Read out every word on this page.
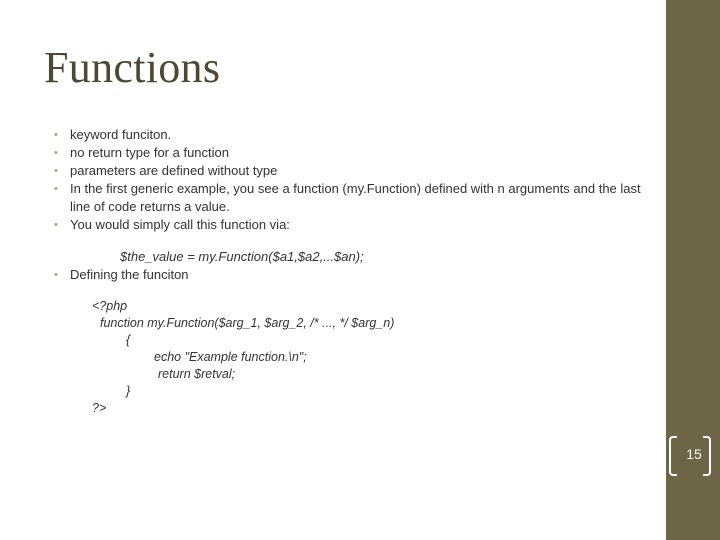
Functions
• keyword funciton.
• no return type for a function
• parameters are defined without type
• In the first generic example, you see a function (my.Function) defined with n arguments and the last line of code returns a value.
• You would simply call this function via:
$the_value = my.Function($a1,$a2,...$an);
• Defining the funciton
<?php
function my.Function($arg_1, $arg_2, /* ..., */ $arg_n)
{
echo "Example function.\n";
return $retval;
}
?>
15
